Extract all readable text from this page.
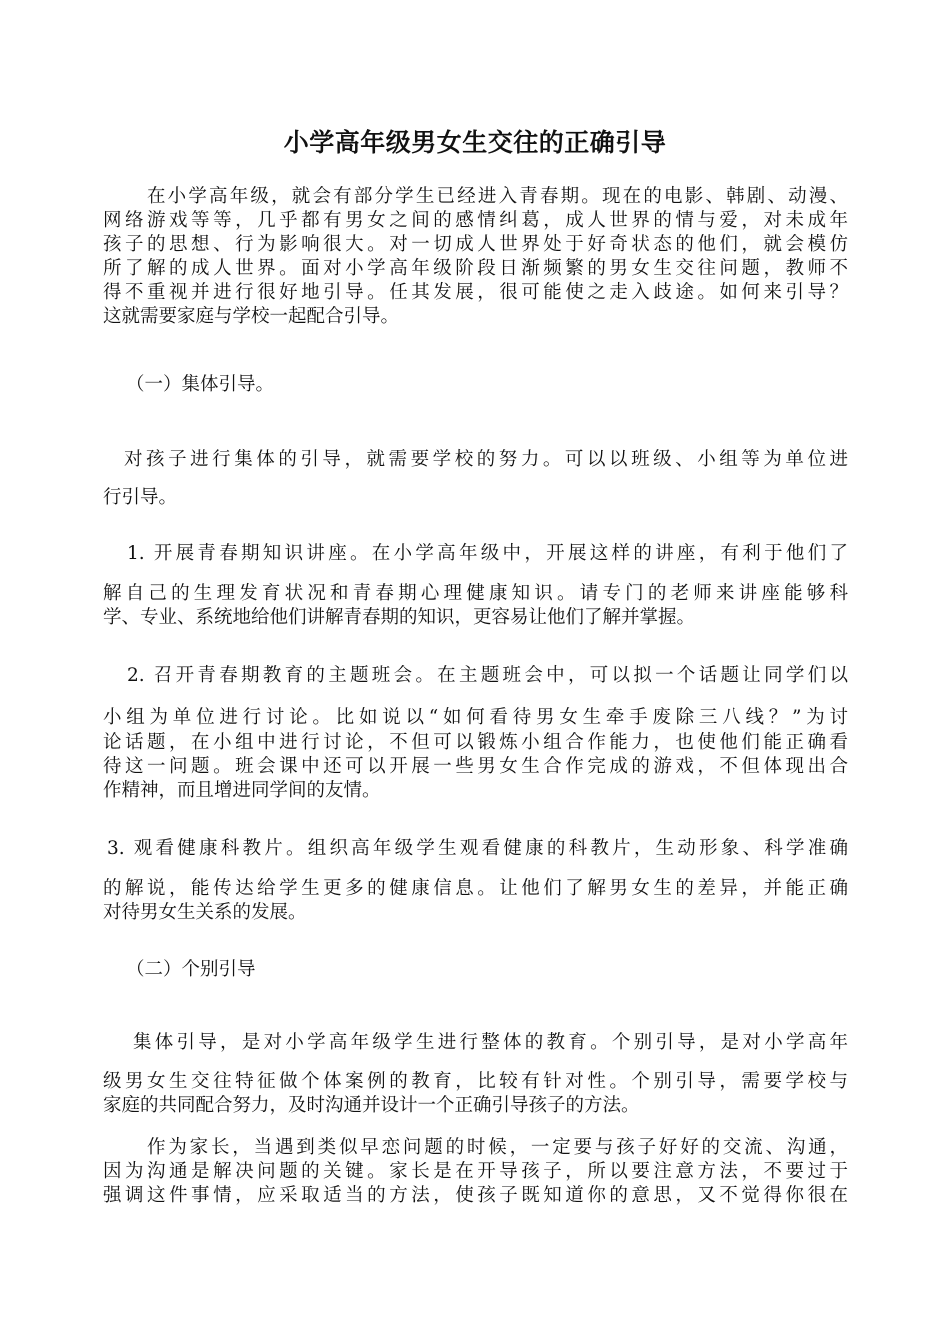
小学高年级男女生交往的正确引导
在小学高年级，就会有部分学生已经进入青春期。现在的电影、韩剧、动漫、
网络游戏等等，几乎都有男女之间的感情纠葛，成人世界的情与爱，对未成年
孩子的思想、行为影响很大。对一切成人世界处于好奇状态的他们，就会模仿
所了解的成人世界。面对小学高年级阶段日渐频繁的男女生交往问题，教师不
得不重视并进行很好地引导。任其发展，很可能使之走入歧途。如何来引导？
这就需要家庭与学校一起配合引导。
（一）集体引导。
对孩子进行集体的引导，就需要学校的努力。可以以班级、小组等为单位进
行引导。
1. 开展青春期知识讲座。在小学高年级中，开展这样的讲座，有利于他们了
解自己的生理发育状况和青春期心理健康知识。请专门的老师来讲座能够科
学、专业、系统地给他们讲解青春期的知识，更容易让他们了解并掌握。
2. 召开青春期教育的主题班会。在主题班会中，可以拟一个话题让同学们以
小组为单位进行讨论。比如说以“如何看待男女生牵手废除三八线？”为讨
论话题，在小组中进行讨论，不但可以锻炼小组合作能力，也使他们能正确看
待这一问题。班会课中还可以开展一些男女生合作完成的游戏，不但体现出合
作精神，而且增进同学间的友情。
3. 观看健康科教片。组织高年级学生观看健康的科教片，生动形象、科学准确
的解说，能传达给学生更多的健康信息。让他们了解男女生的差异，并能正确
对待男女生关系的发展。
（二）个别引导
集体引导，是对小学高年级学生进行整体的教育。个别引导，是对小学高年
级男女生交往特征做个体案例的教育，比较有针对性。个别引导，需要学校与
家庭的共同配合努力，及时沟通并设计一个正确引导孩子的方法。
作为家长，当遇到类似早恋问题的时候，一定要与孩子好好的交流、沟通，
因为沟通是解决问题的关键。家长是在开导孩子，所以要注意方法，不要过于
强调这件事情，应采取适当的方法，使孩子既知道你的意思，又不觉得你很在
